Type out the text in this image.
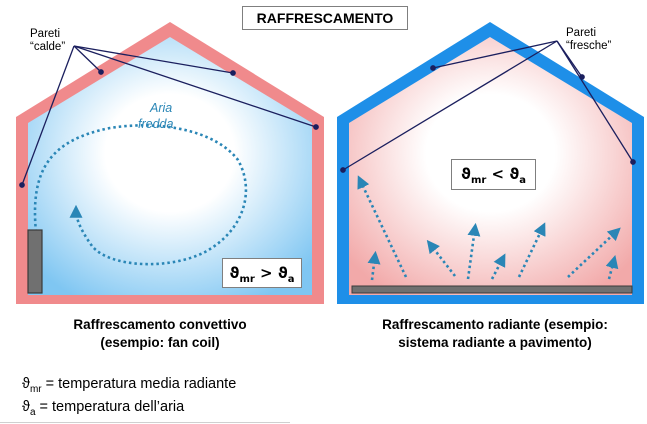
RAFFRESCAMENTO
Pareti
“calde”
Pareti
“fresche”
Aria
fredda
$ϑ_{mr} > ϑ_a$
$ϑ_{mr} < ϑ_a$
Raffrescamento convettivo
(esempio: fan coil)
Raffrescamento radiante (esempio:
sistema radiante a pavimento)
$ϑ_{mr}$ = temperatura media radiante
$ϑ_a$ = temperatura dell’aria
